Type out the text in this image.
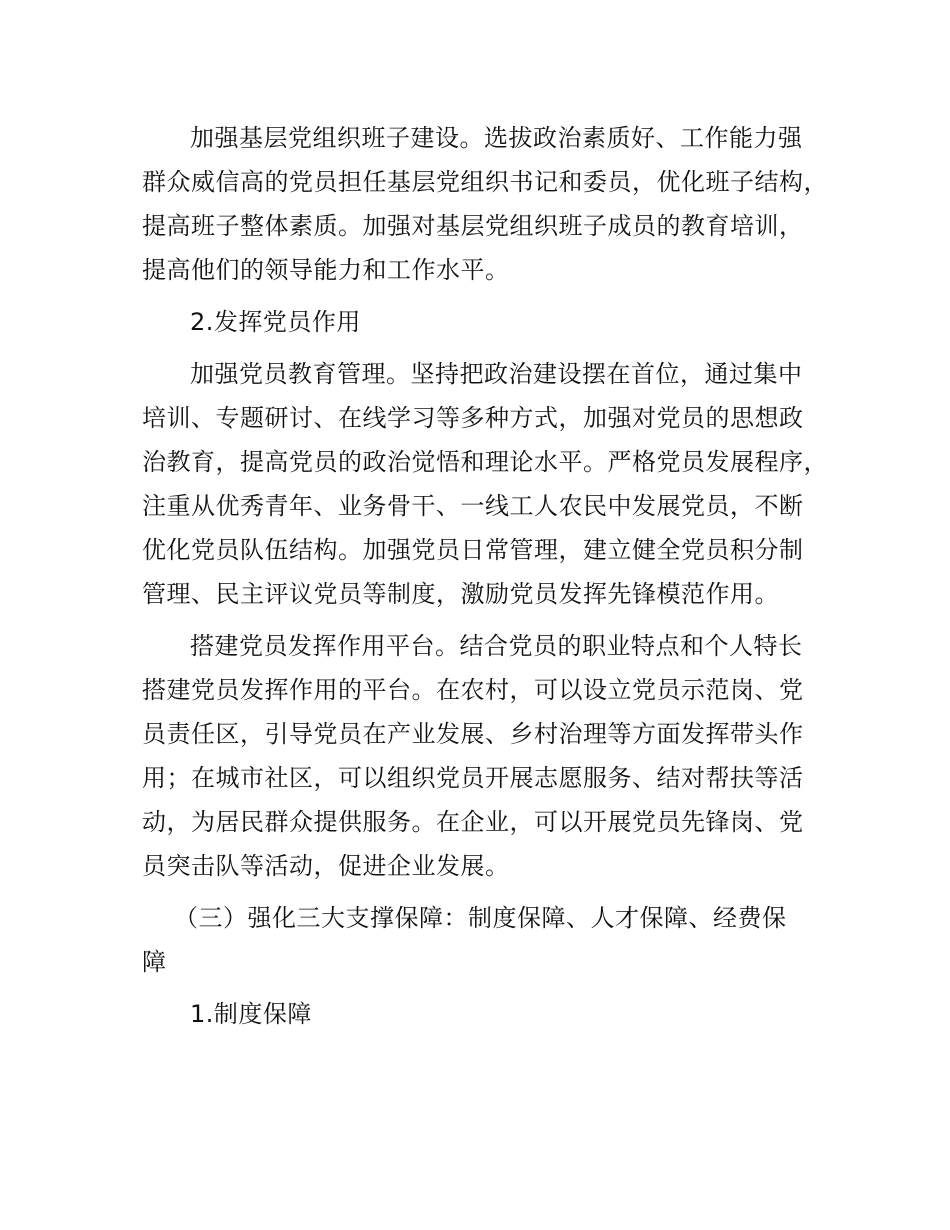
加强基层党组织班子建设。选拔政治素质好、工作能力强
群众威信高的党员担任基层党组织书记和委员，优化班子结构，
提高班子整体素质。加强对基层党组织班子成员的教育培训，
提高他们的领导能力和工作水平。
2.发挥党员作用
加强党员教育管理。坚持把政治建设摆在首位，通过集中
培训、专题研讨、在线学习等多种方式，加强对党员的思想政
治教育，提高党员的政治觉悟和理论水平。严格党员发展程序，
注重从优秀青年、业务骨干、一线工人农民中发展党员，不断
优化党员队伍结构。加强党员日常管理，建立健全党员积分制
管理、民主评议党员等制度，激励党员发挥先锋模范作用。
搭建党员发挥作用平台。结合党员的职业特点和个人特长
搭建党员发挥作用的平台。在农村，可以设立党员示范岗、党
员责任区，引导党员在产业发展、乡村治理等方面发挥带头作
用；在城市社区，可以组织党员开展志愿服务、结对帮扶等活
动，为居民群众提供服务。在企业，可以开展党员先锋岗、党
员突击队等活动，促进企业发展。
（三）强化三大支撑保障：制度保障、人才保障、经费保
障
1.制度保障
